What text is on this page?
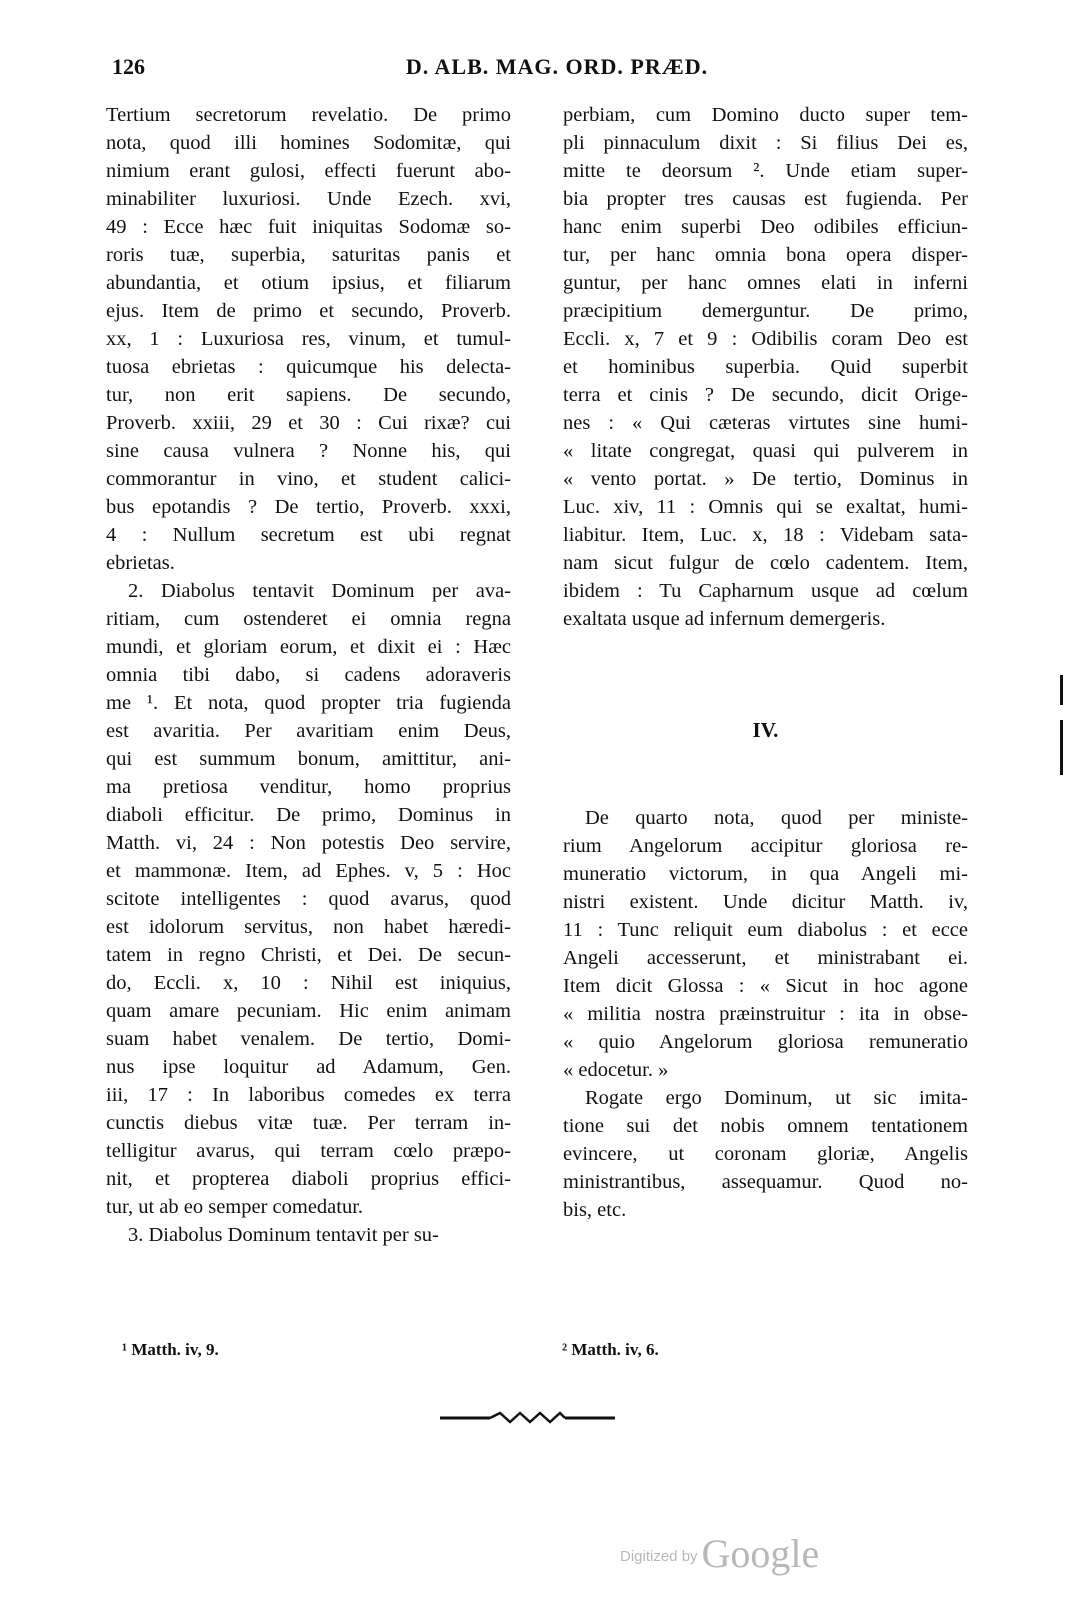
126	D. ALB. MAG. ORD. PRÆD.
Tertium secretorum revelatio. De primo
nota, quod illi homines Sodomitæ, qui
nimium erant gulosi, effecti fuerunt abo-
minabiliter luxuriosi. Unde Ezech. xvi,
49 : Ecce hæc fuit iniquitas Sodomæ so-
roris tuæ, superbia, saturitas panis et
abundantia, et otium ipsius, et filiarum
ejus. Item de primo et secundo, Proverb.
xx, 1 : Luxuriosa res, vinum, et tumul-
tuosa ebrietas : quicumque his delecta-
tur, non erit sapiens. De secundo,
Proverb. xxiii, 29 et 30 : Cui rixæ? cui
sine causa vulnera ? Nonne his, qui
commorantur in vino, et student calici-
bus epotandis ? De tertio, Proverb. xxxi,
4 : Nullum secretum est ubi regnat
ebrietas.
2. Diabolus tentavit Dominum per ava-
ritiam, cum ostenderet ei omnia regna
mundi, et gloriam eorum, et dixit ei : Hæc
omnia tibi dabo, si cadens adoraveris
me ¹. Et nota, quod propter tria fugienda
est avaritia. Per avaritiam enim Deus,
qui est summum bonum, amittitur, ani-
ma pretiosa venditur, homo proprius
diaboli efficitur. De primo, Dominus in
Matth. vi, 24 : Non potestis Deo servire,
et mammonæ. Item, ad Ephes. v, 5 : Hoc
scitote intelligentes : quod avarus, quod
est idolorum servitus, non habet hæredi-
tatem in regno Christi, et Dei. De secun-
do, Eccli. x, 10 : Nihil est iniquius,
quam amare pecuniam. Hic enim animam
suam habet venalem. De tertio, Domi-
nus ipse loquitur ad Adamum, Gen.
iii, 17 : In laboribus comedes ex terra
cunctis diebus vitæ tuæ. Per terram in-
telligitur avarus, qui terram cœlo præpo-
nit, et propterea diaboli proprius effici-
tur, ut ab eo semper comedatur.
3. Diabolus Dominum tentavit per su-
perbiam, cum Domino ducto super tem-
pli pinnaculum dixit : Si filius Dei es,
mitte te deorsum ². Unde etiam super-
bia propter tres causas est fugienda. Per
hanc enim superbi Deo odibiles efficiun-
tur, per hanc omnia bona opera disper-
guntur, per hanc omnes elati in inferni
præcipitium demerguntur. De primo,
Eccli. x, 7 et 9 : Odibilis coram Deo est
et hominibus superbia. Quid superbit
terra et cinis ? De secundo, dicit Orige-
nes : « Qui cæteras virtutes sine humi-
« litate congregat, quasi qui pulverem in
« vento portat. » De tertio, Dominus in
Luc. xiv, 11 : Omnis qui se exaltat, humi-
liabitur. Item, Luc. x, 18 : Videbam sata-
nam sicut fulgur de cœlo cadentem. Item,
ibidem : Tu Capharnum usque ad cœlum
exaltata usque ad infernum demergeris.
IV.
De quarto nota, quod per ministe-
rium Angelorum accipitur gloriosa re-
muneratio victorum, in qua Angeli mi-
nistri existent. Unde dicitur Matth. iv,
11 : Tunc reliquit eum diabolus : et ecce
Angeli accesserunt, et ministrabant ei.
Item dicit Glossa : « Sicut in hoc agone
« militia nostra præinstruitur : ita in obse-
« quio Angelorum gloriosa remuneratio
« edocetur. »
Rogate ergo Dominum, ut sic imita-
tione sui det nobis omnem tentationem
evincere, ut coronam gloriæ, Angelis
ministrantibus, assequamur. Quod no-
bis, etc.
¹ Matth. iv, 9.	² Matth. iv, 6.
Digitized by Google
